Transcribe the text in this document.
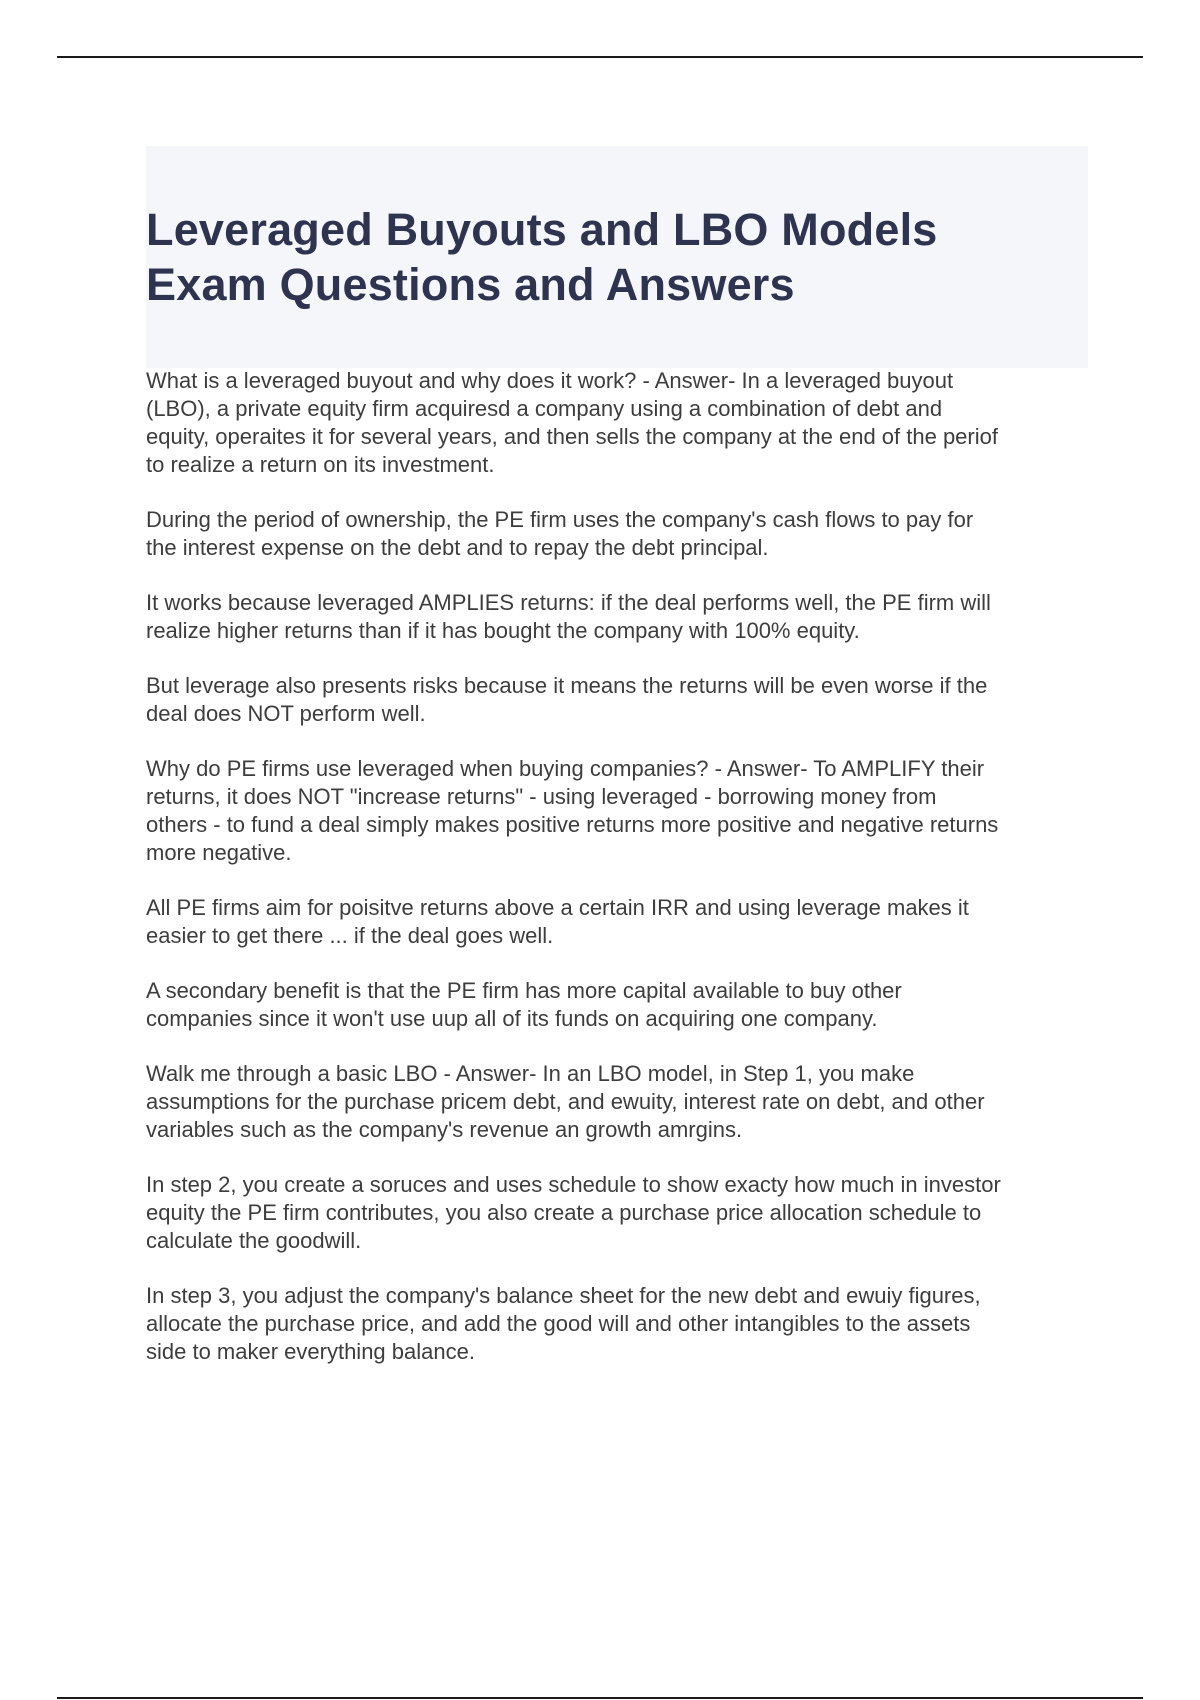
Leveraged Buyouts and LBO Models
Exam Questions and Answers

What is a leveraged buyout and why does it work? - Answer- In a leveraged buyout
(LBO), a private equity firm acquiresd a company using a combination of debt and
equity, operaites it for several years, and then sells the company at the end of the periof
to realize a return on its investment.

During the period of ownership, the PE firm uses the company's cash flows to pay for
the interest expense on the debt and to repay the debt principal.

It works because leveraged AMPLIES returns: if the deal performs well, the PE firm will
realize higher returns than if it has bought the company with 100% equity.

But leverage also presents risks because it means the returns will be even worse if the
deal does NOT perform well.

Why do PE firms use leveraged when buying companies? - Answer- To AMPLIFY their
returns, it does NOT "increase returns" - using leveraged - borrowing money from
others - to fund a deal simply makes positive returns more positive and negative returns
more negative.

All PE firms aim for poisitve returns above a certain IRR and using leverage makes it
easier to get there ... if the deal goes well.

A secondary benefit is that the PE firm has more capital available to buy other
companies since it won't use uup all of its funds on acquiring one company.

Walk me through a basic LBO - Answer- In an LBO model, in Step 1, you make
assumptions for the purchase pricem debt, and ewuity, interest rate on debt, and other
variables such as the company's revenue an growth amrgins.

In step 2, you create a soruces and uses schedule to show exacty how much in investor
equity the PE firm contributes, you also create a purchase price allocation schedule to
calculate the goodwill.

In step 3, you adjust the company's balance sheet for the new debt and ewuiy figures,
allocate the purchase price, and add the good will and other intangibles to the assets
side to maker everything balance.
